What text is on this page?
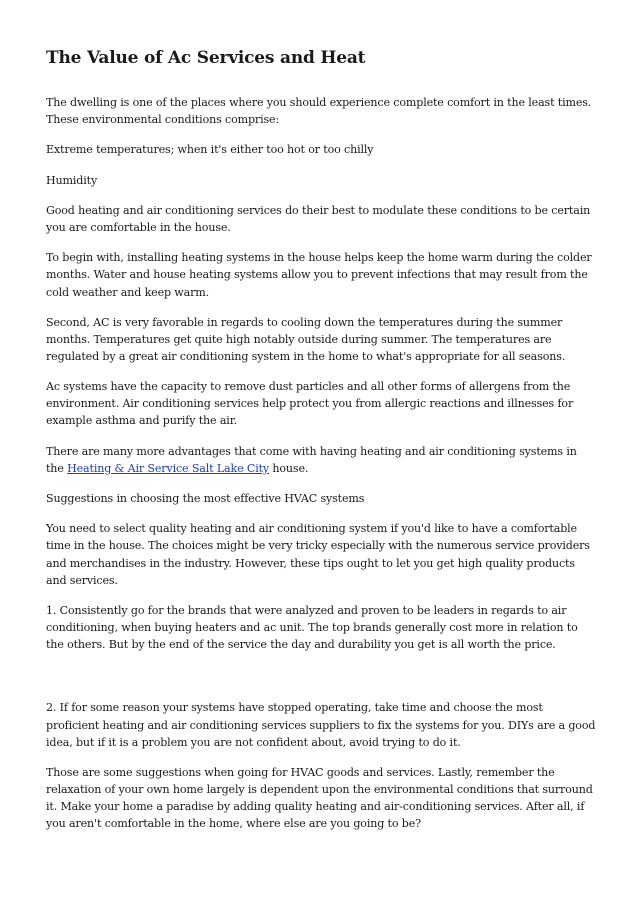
The Value of Ac Services and Heat

The dwelling is one of the places where you should experience complete comfort in the least times. These environmental conditions comprise:

Extreme temperatures; when it's either too hot or too chilly

Humidity

Good heating and air conditioning services do their best to modulate these conditions to be certain you are comfortable in the house.

To begin with, installing heating systems in the house helps keep the home warm during the colder months. Water and house heating systems allow you to prevent infections that may result from the cold weather and keep warm.

Second, AC is very favorable in regards to cooling down the temperatures during the summer months. Temperatures get quite high notably outside during summer. The temperatures are regulated by a great air conditioning system in the home to what's appropriate for all seasons.

Ac systems have the capacity to remove dust particles and all other forms of allergens from the environment. Air conditioning services help protect you from allergic reactions and illnesses for example asthma and purify the air.

There are many more advantages that come with having heating and air conditioning systems in the Heating & Air Service Salt Lake City house.

Suggestions in choosing the most effective HVAC systems

You need to select quality heating and air conditioning system if you'd like to have a comfortable time in the house. The choices might be very tricky especially with the numerous service providers and merchandises in the industry. However, these tips ought to let you get high quality products and services.

1. Consistently go for the brands that were analyzed and proven to be leaders in regards to air conditioning, when buying heaters and ac unit. The top brands generally cost more in relation to the others. But by the end of the service the day and durability you get is all worth the price.

2. If for some reason your systems have stopped operating, take time and choose the most proficient heating and air conditioning services suppliers to fix the systems for you. DIYs are a good idea, but if it is a problem you are not confident about, avoid trying to do it.

Those are some suggestions when going for HVAC goods and services. Lastly, remember the relaxation of your own home largely is dependent upon the environmental conditions that surround it. Make your home a paradise by adding quality heating and air-conditioning services. After all, if you aren't comfortable in the home, where else are you going to be?
